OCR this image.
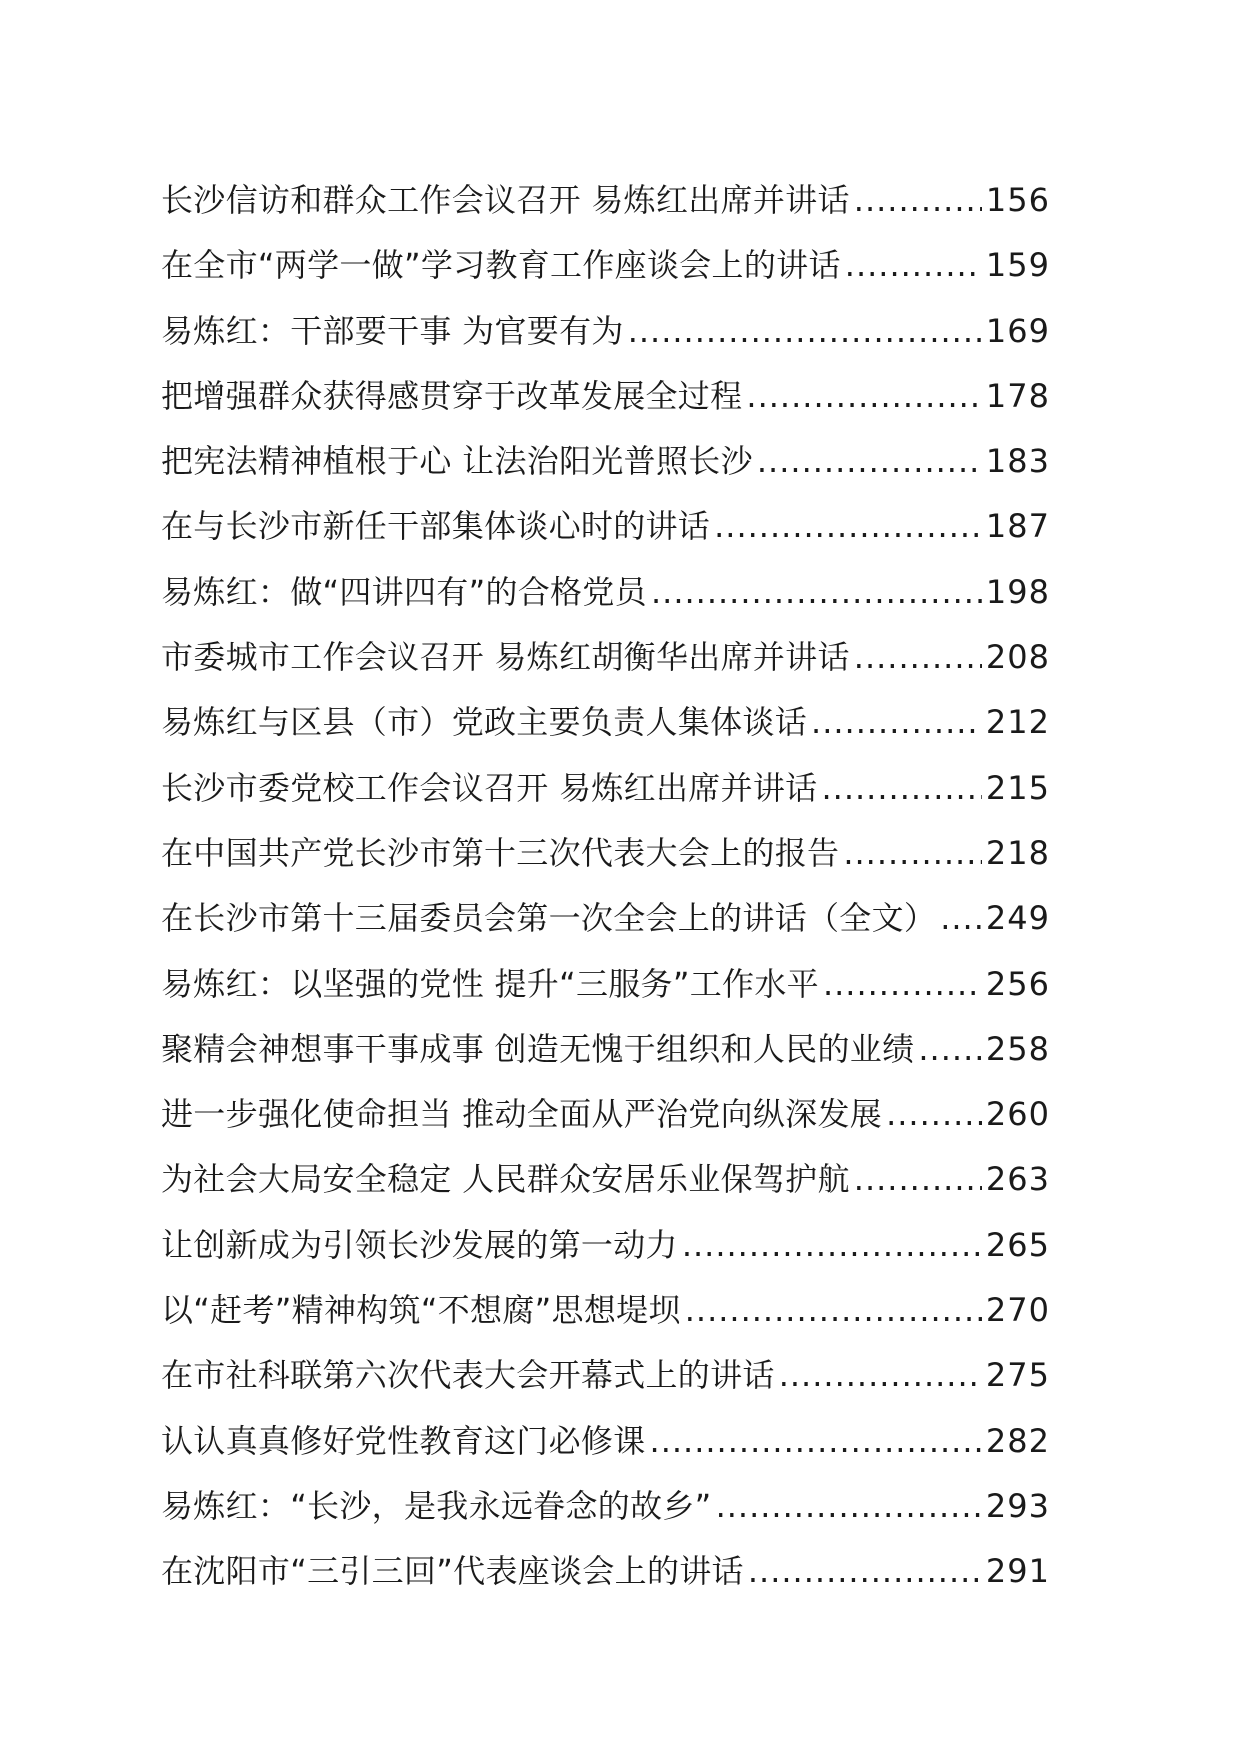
长沙信访和群众工作会议召开 易炼红出席并讲话 .....	156
在全市“两学一做”学习教育工作座谈会上的讲话 .....	159
易炼红：干部要干事 为官要有为 .....	169
把增强群众获得感贯穿于改革发展全过程 .....	178
把宪法精神植根于心 让法治阳光普照长沙 .....	183
在与长沙市新任干部集体谈心时的讲话 .....	187
易炼红：做“四讲四有”的合格党员 .....	198
市委城市工作会议召开 易炼红胡衡华出席并讲话 .....	208
易炼红与区县（市）党政主要负责人集体谈话 .....	212
长沙市委党校工作会议召开 易炼红出席并讲话 .....	215
在中国共产党长沙市第十三次代表大会上的报告 .....	218
在长沙市第十三届委员会第一次全会上的讲话（全文） ..... 249
易炼红：以坚强的党性 提升“三服务”工作水平 .....	256
聚精会神想事干事成事 创造无愧于组织和人民的业绩 ..... 258
进一步强化使命担当 推动全面从严治党向纵深发展 .....	260
为社会大局安全稳定 人民群众安居乐业保驾护航 .....	263
让创新成为引领长沙发展的第一动力 .....	265
以“赶考”精神构筑“不想腐”思想堤坝 .....	270
在市社科联第六次代表大会开幕式上的讲话 .....	275
认认真真修好党性教育这门必修课 .....	282
易炼红：“长沙，是我永远眷念的故乡” .....	293
在沈阳市“三引三回”代表座谈会上的讲话 .....	291
